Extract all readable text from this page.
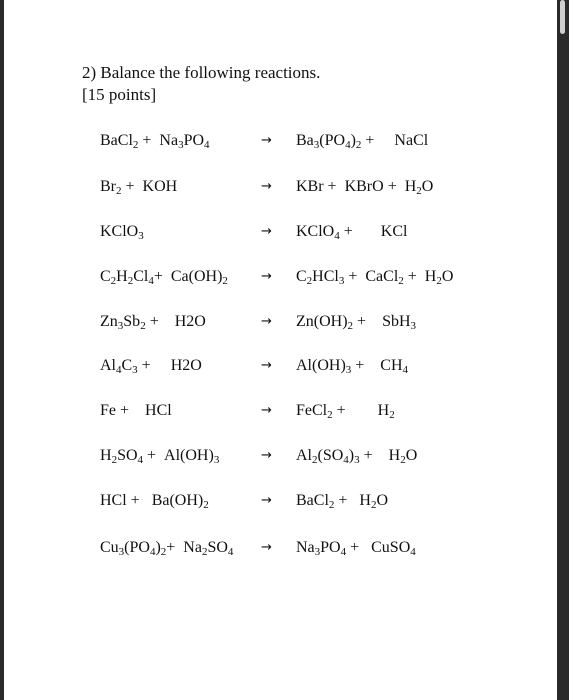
2) Balance the following reactions.
[15 points]
BaCl$_2$ +  $Na_3PO_4$	→ $Ba_3(PO_4)_2$ +     NaCl
$Br_2$ +  KOH	→ KBr +  KBrO +  $H_2O$
KClO$_3$	→ KClO$_4$ +       KCl
$C_2H_2Cl_4+ Ca(OH)_2$	→ $C_2HCl_3$ +  CaCl$_2$ +  $H_2O$
$Zn_3Sb_2$ +    H2O	→ $Zn(OH)_2$ +    SbH$_3$
$Al_4C_3$ +     H2O	→ $Al(OH)_3$ +    $CH_4$
Fe +    HCl	→ FeCl$_2$ +        $H_2$
$H_2SO_4 + Al(OH)_3$	→ $Al_2(SO_4)_3$ +    $H_2O$
HCl +   $Ba(OH)_2$	→ BaCl$_2$ +   $H_2O$
$Cu_3(PO_4)_2+ Na_2SO_4 \to Na_3PO_4$ +   CuSO$_4$
